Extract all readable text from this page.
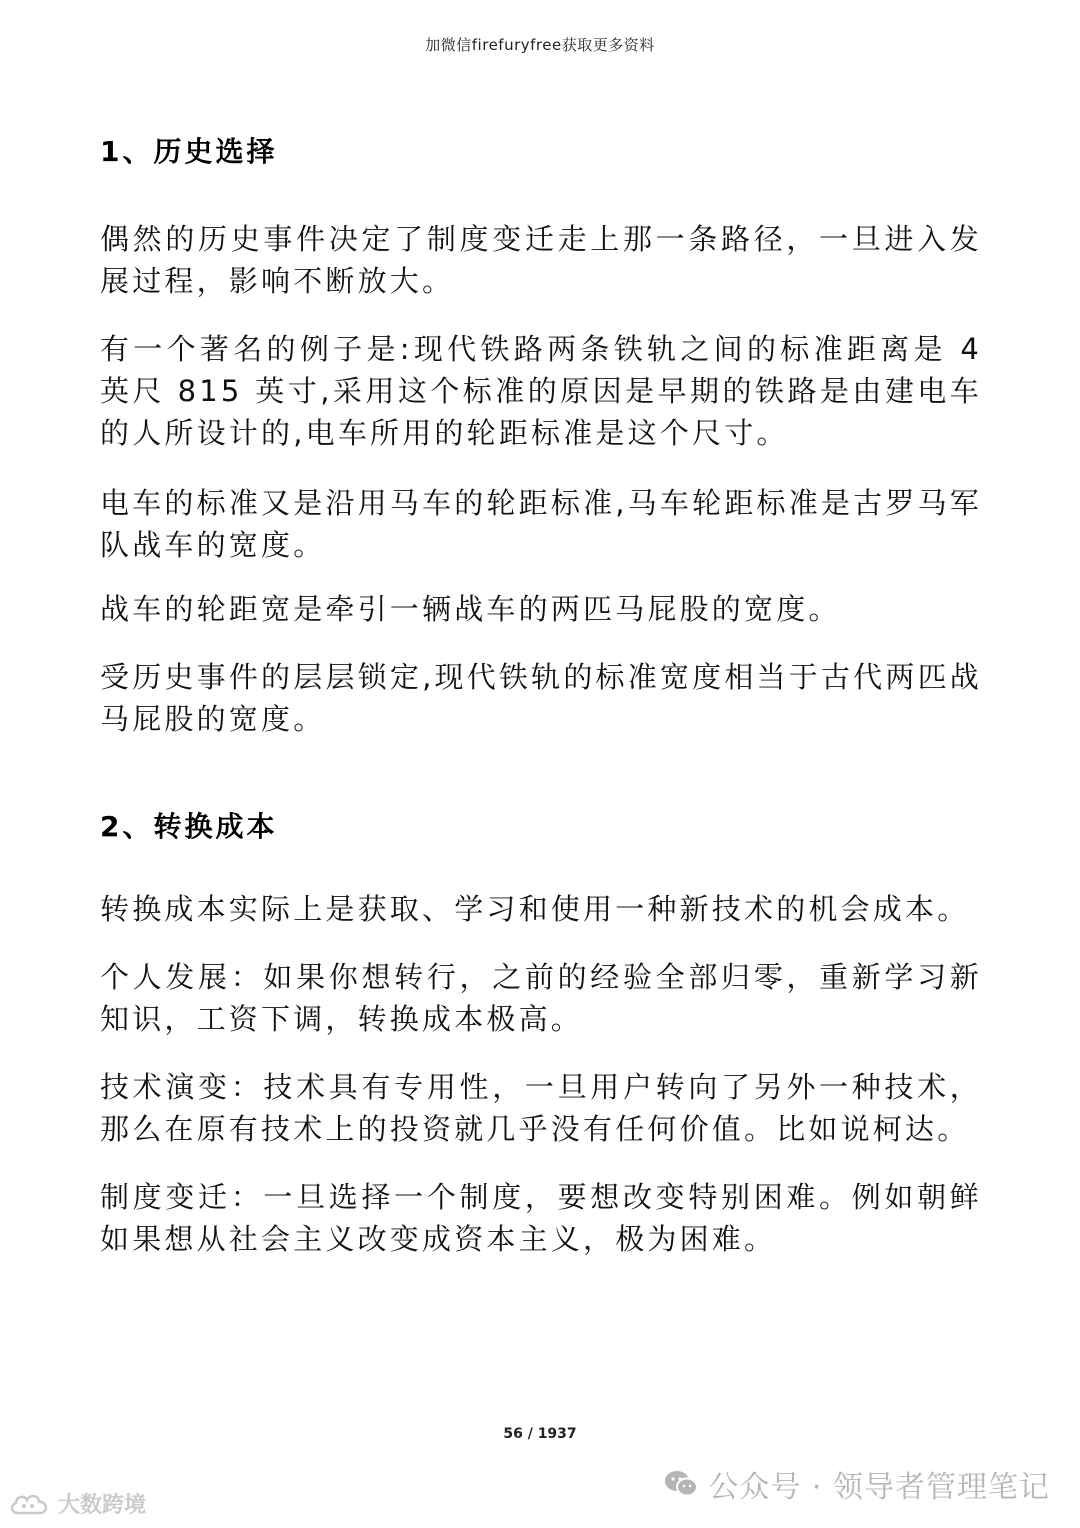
加微信firefuryfree获取更多资料
1、历史选择
偶然的历史事件决定了制度变迁走上那一条路径，一旦进入发展过程，影响不断放大。
有一个著名的例子是:现代铁路两条铁轨之间的标准距离是 4 英尺 815 英寸,采用这个标准的原因是早期的铁路是由建电车的人所设计的,电车所用的轮距标准是这个尺寸。
电车的标准又是沿用马车的轮距标准,马车轮距标准是古罗马军队战车的宽度。
战车的轮距宽是牵引一辆战车的两匹马屁股的宽度。
受历史事件的层层锁定,现代铁轨的标准宽度相当于古代两匹战马屁股的宽度。
2、转换成本
转换成本实际上是获取、学习和使用一种新技术的机会成本。
个人发展：如果你想转行，之前的经验全部归零，重新学习新知识，工资下调，转换成本极高。
技术演变：技术具有专用性，一旦用户转向了另外一种技术，那么在原有技术上的投资就几乎没有任何价值。比如说柯达。
制度变迁：一旦选择一个制度，要想改变特别困难。例如朝鲜如果想从社会主义改变成资本主义，极为困难。
56 / 1937
大数跨境
公众号 · 领导者管理笔记
